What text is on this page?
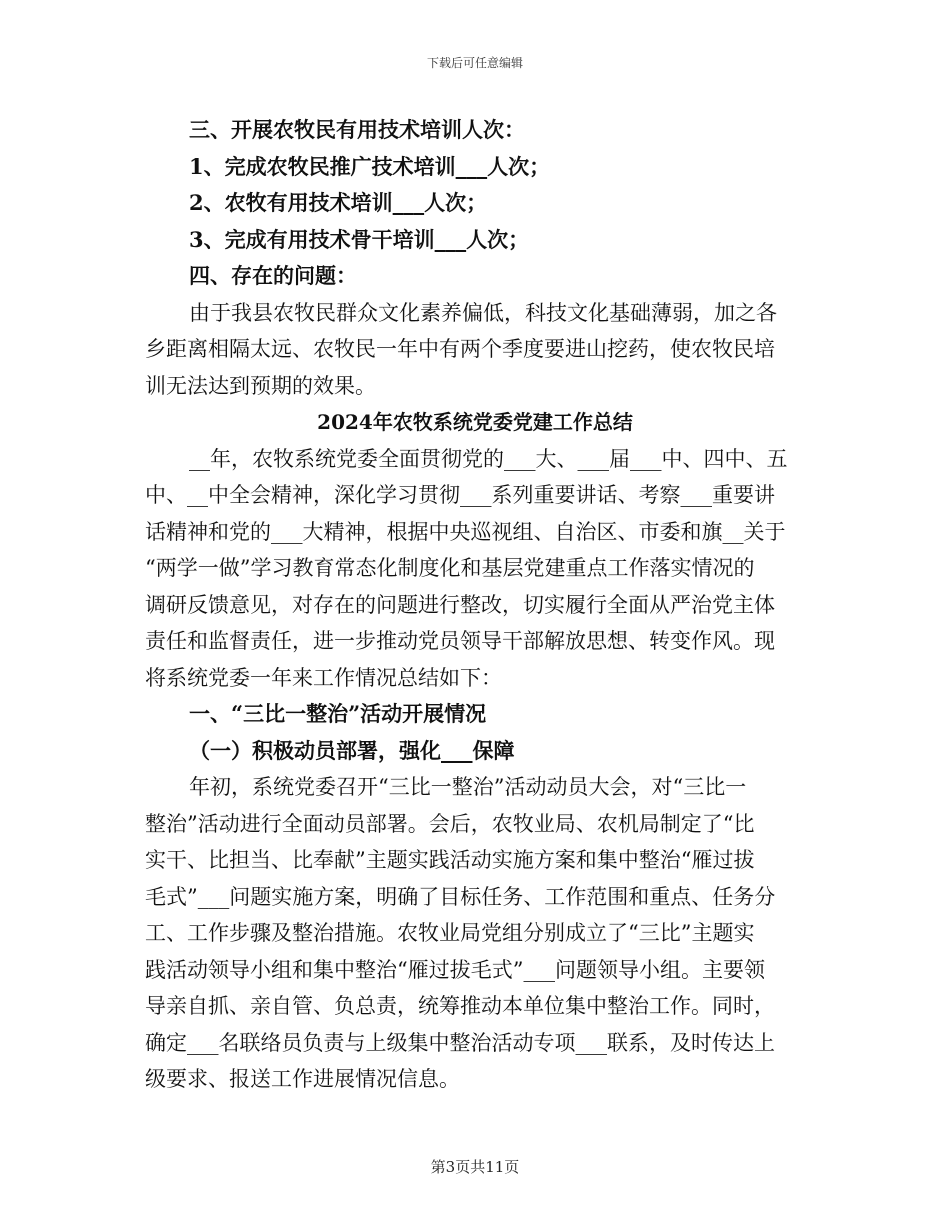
下载后可任意编辑
三、开展农牧民有用技术培训人次：
1、完成农牧民推广技术培训___人次；
2、农牧有用技术培训___人次；
3、完成有用技术骨干培训___人次；
四、存在的问题：
由于我县农牧民群众文化素养偏低，科技文化基础薄弱，加之各
乡距离相隔太远、农牧民一年中有两个季度要进山挖药，使农牧民培
训无法达到预期的效果。
2024年农牧系统党委党建工作总结
__年，农牧系统党委全面贯彻党的___大、___届___中、四中、五
中、__中全会精神，深化学习贯彻___系列重要讲话、考察___重要讲
话精神和党的___大精神，根据中央巡视组、自治区、市委和旗__关于
“两学一做”学习教育常态化制度化和基层党建重点工作落实情况的
调研反馈意见，对存在的问题进行整改，切实履行全面从严治党主体
责任和监督责任，进一步推动党员领导干部解放思想、转变作风。现
将系统党委一年来工作情况总结如下：
一、“三比一整治”活动开展情况
（一）积极动员部署，强化___保障
年初，系统党委召开“三比一整治”活动动员大会，对“三比一
整治”活动进行全面动员部署。会后，农牧业局、农机局制定了“比
实干、比担当、比奉献”主题实践活动实施方案和集中整治“雁过拔
毛式”___问题实施方案，明确了目标任务、工作范围和重点、任务分
工、工作步骤及整治措施。农牧业局党组分别成立了“三比”主题实
践活动领导小组和集中整治“雁过拔毛式”___问题领导小组。主要领
导亲自抓、亲自管、负总责，统筹推动本单位集中整治工作。同时，
确定___名联络员负责与上级集中整治活动专项___联系，及时传达上
级要求、报送工作进展情况信息。
第3页共11页
